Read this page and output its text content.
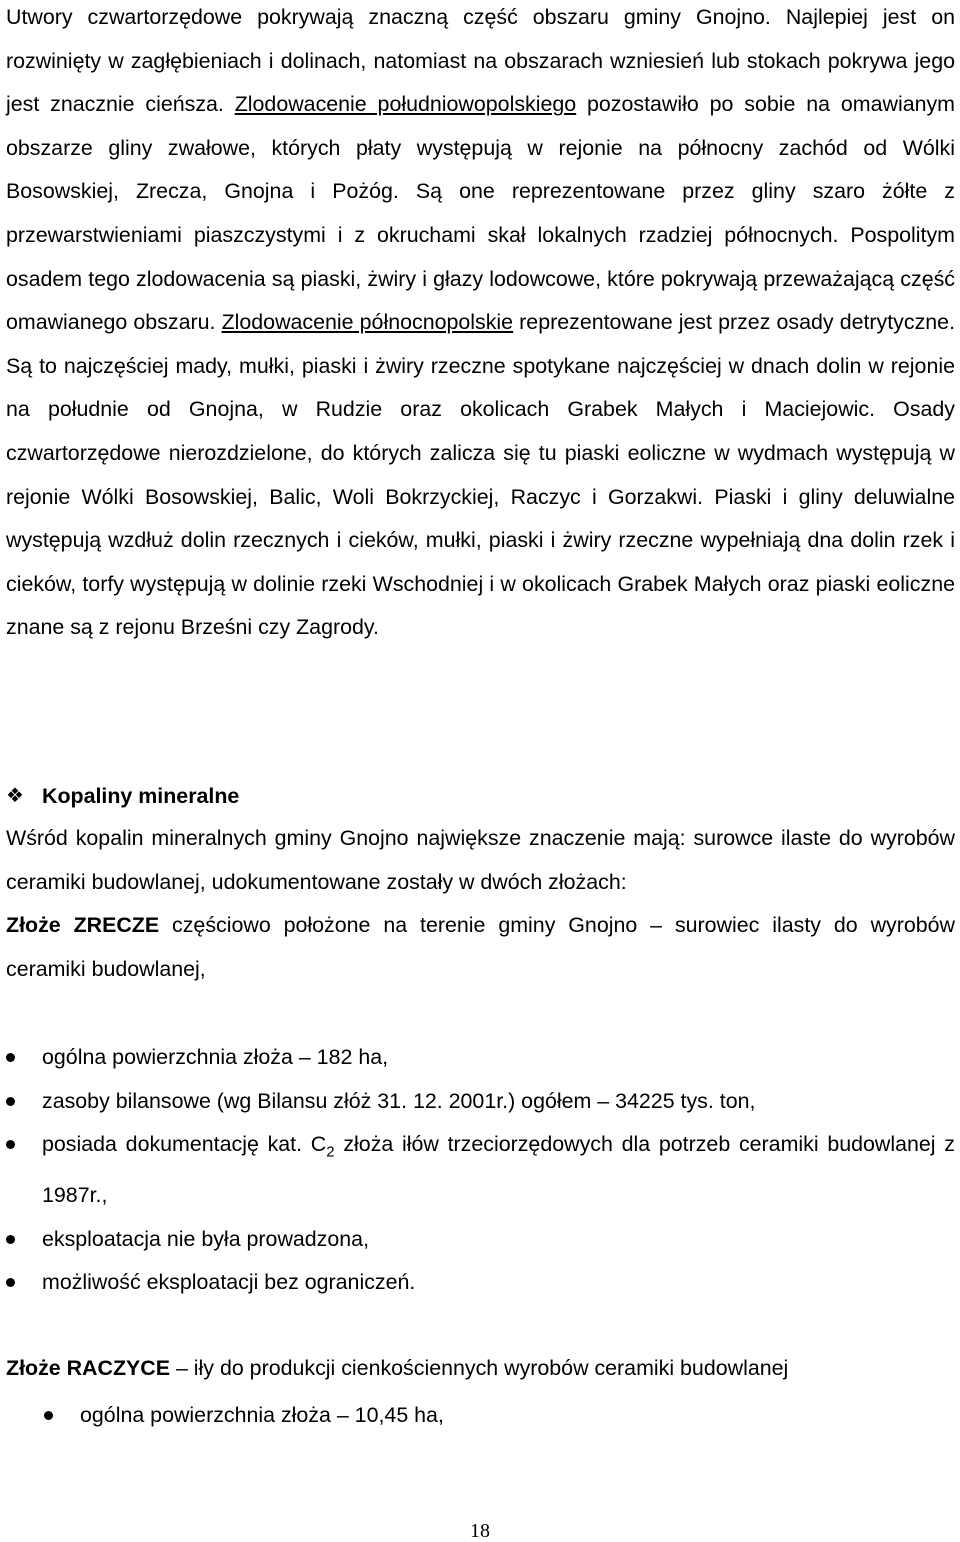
Utwory czwartorzędowe pokrywają znaczną część obszaru gminy Gnojno. Najlepiej jest on rozwinięty w zagłębieniach i dolinach, natomiast na obszarach wzniesień lub stokach pokrywa jego jest znacznie cieńsza. Zlodowacenie południowopolskiego pozostawiło po sobie na omawianym obszarze gliny zwałowe, których płaty występują w rejonie na północny zachód od Wólki Bosowskiej, Zrecza, Gnojna i Pożóg. Są one reprezentowane przez gliny szaro żółte z przewarstwieniami piaszczystymi i z okruchami skał lokalnych rzadziej północnych. Pospolitym osadem tego zlodowacenia są piaski, żwiry i głazy lodowcowe, które pokrywają przeważającą część omawianego obszaru. Zlodowacenie północnopolskie reprezentowane jest przez osady detrytyczne. Są to najczęściej mady, mułki, piaski i żwiry rzeczne spotykane najczęściej w dnach dolin w rejonie na południe od Gnojna, w Rudzie oraz okolicach Grabek Małych i Maciejowic. Osady czwartorzędowe nierozdzielone, do których zalicza się tu piaski eoliczne w wydmach występują w rejonie Wólki Bosowskiej, Balic, Woli Bokrzyckiej, Raczyc i Gorzakwi. Piaski i gliny deluwialne występują wzdłuż dolin rzecznych i cieków, mułki, piaski i żwiry rzeczne wypełniają dna dolin rzek i cieków, torfy występują w dolinie rzeki Wschodniej i w okolicach Grabek Małych oraz piaski eoliczne znane są z rejonu Brześni czy Zagrody.

❖ Kopaliny mineralne

Wśród kopalin mineralnych gminy Gnojno największe znaczenie mają: surowce ilaste do wyrobów ceramiki budowlanej, udokumentowane zostały w dwóch złożach:

Złoże ZRECZE częściowo położone na terenie gminy Gnojno – surowiec ilasty do wyrobów ceramiki budowlanej,

ogólna powierzchnia złoża – 182 ha,
zasoby bilansowe (wg Bilansu złóż 31. 12. 2001r.) ogółem – 34225 tys. ton,
posiada dokumentację kat. $C_2$ złoża iłów trzeciorzędowych dla potrzeb ceramiki budowlanej z 1987r.,
eksploatacja nie była prowadzona,
możliwość eksploatacji bez ograniczeń.

Złoże RACZYCE – iły do produkcji cienkościennych wyrobów ceramiki budowlanej

ogólna powierzchnia złoża – 10,45 ha,
18
